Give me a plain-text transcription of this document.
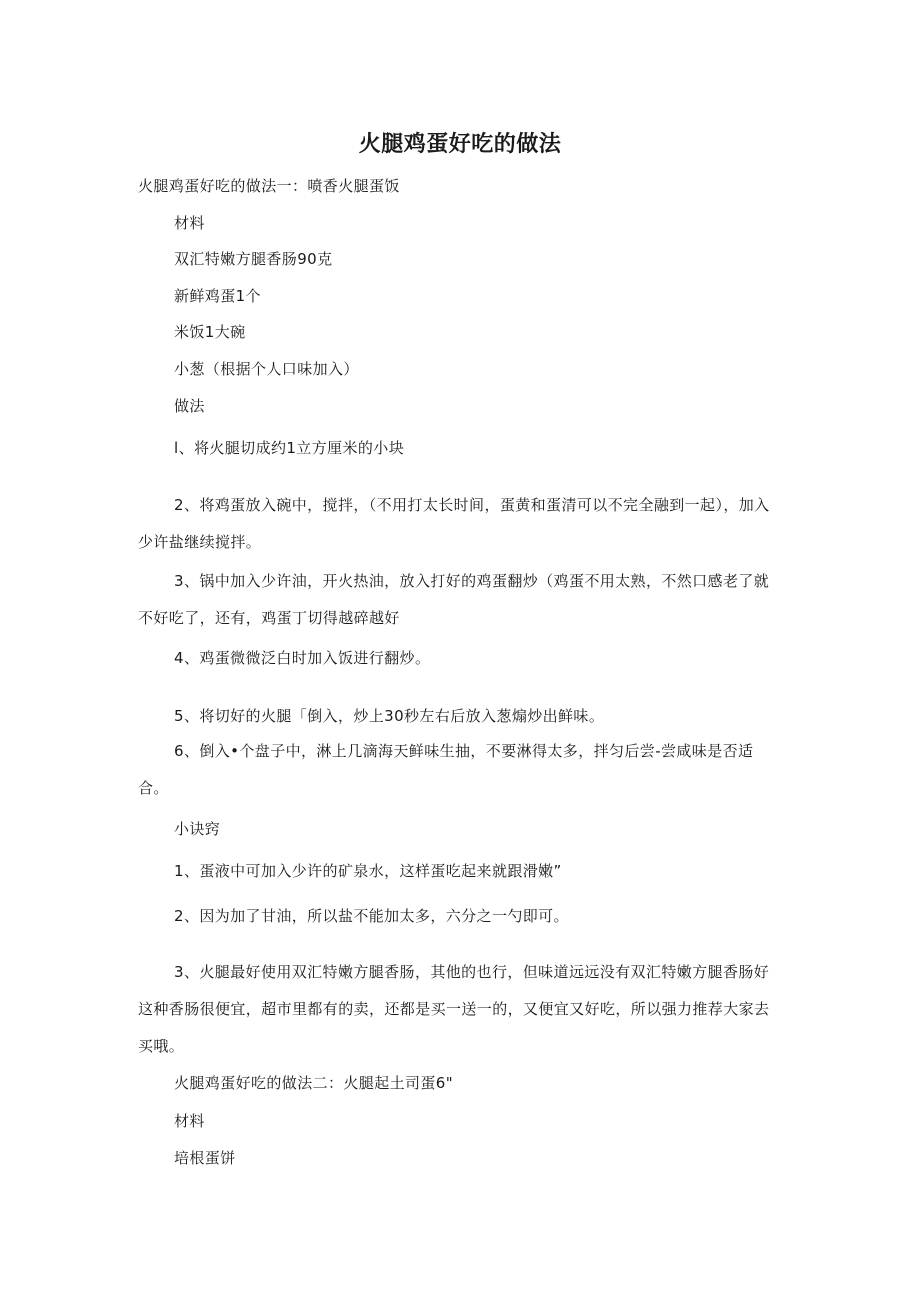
火腿鸡蛋好吃的做法
火腿鸡蛋好吃的做法一：喷香火腿蛋饭
材料
双汇特嫩方腿香肠90克
新鲜鸡蛋1个
米饭1大碗
小葱（根据个人口味加入）
做法
l、将火腿切成约1立方厘米的小块
2、将鸡蛋放入碗中，搅拌，（不用打太长时间，蛋黄和蛋清可以不完全融到一起），加入少许盐继续搅拌。
3、锅中加入少许油，开火热油，放入打好的鸡蛋翻炒（鸡蛋不用太熟，不然口感老了就不好吃了，还有，鸡蛋丁切得越碎越好
4、鸡蛋微微泛白时加入饭进行翻炒。
5、将切好的火腿「倒入，炒上30秒左右后放入葱煽炒出鲜味。
6、倒入•个盘子中，淋上几滴海天鲜味生抽，不要淋得太多，拌匀后尝-尝咸味是否适合。
小诀窍
1、蛋液中可加入少许的矿泉水，这样蛋吃起来就跟滑嫩”
2、因为加了甘油，所以盐不能加太多，六分之一勺即可。
3、火腿最好使用双汇特嫩方腿香肠，其他的也行，但味道远远没有双汇特嫩方腿香肠好这种香肠很便宜，超市里都有的卖，还都是买一送一的，又便宜又好吃，所以强力推荐大家去买哦。
火腿鸡蛋好吃的做法二：火腿起土司蛋6"
材料
培根蛋饼
